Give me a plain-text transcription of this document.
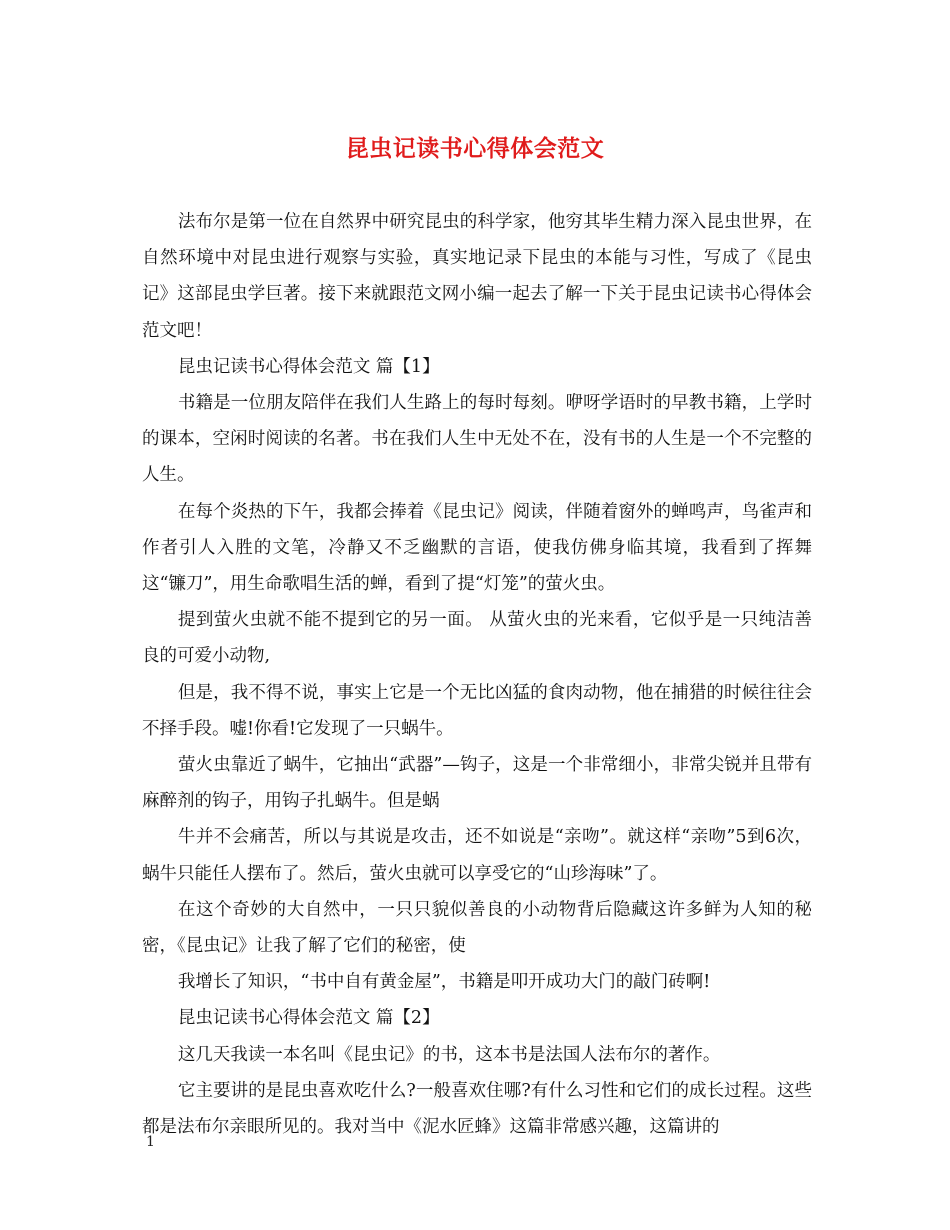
昆虫记读书心得体会范文

法布尔是第一位在自然界中研究昆虫的科学家，他穷其毕生精力深入昆虫世界，在自然环境中对昆虫进行观察与实验，真实地记录下昆虫的本能与习性，写成了《昆虫记》这部昆虫学巨著。接下来就跟范文网小编一起去了解一下关于昆虫记读书心得体会范文吧！

昆虫记读书心得体会范文 篇【1】

书籍是一位朋友陪伴在我们人生路上的每时每刻。咿呀学语时的早教书籍，上学时的课本，空闲时阅读的名著。书在我们人生中无处不在，没有书的人生是一个不完整的人生。

在每个炎热的下午，我都会捧着《昆虫记》阅读，伴随着窗外的蝉鸣声，鸟雀声和作者引人入胜的文笔，冷静又不乏幽默的言语，使我仿佛身临其境，我看到了挥舞这“镰刀”，用生命歌唱生活的蝉，看到了提“灯笼”的萤火虫。

提到萤火虫就不能不提到它的另一面。 从萤火虫的光来看，它似乎是一只纯洁善良的可爱小动物,

但是，我不得不说，事实上它是一个无比凶猛的食肉动物，他在捕猎的时候往往会不择手段。嘘!你看!它发现了一只蜗牛。

萤火虫靠近了蜗牛，它抽出“武器”—钩子，这是一个非常细小，非常尖锐并且带有麻醉剂的钩子，用钩子扎蜗牛。但是蜗

牛并不会痛苦，所以与其说是攻击，还不如说是“亲吻”。就这样“亲吻”5到6次，蜗牛只能任人摆布了。然后，萤火虫就可以享受它的“山珍海味”了。

在这个奇妙的大自然中，一只只貌似善良的小动物背后隐藏这许多鲜为人知的秘密，《昆虫记》让我了解了它们的秘密，使

我增长了知识，“书中自有黄金屋”，书籍是叩开成功大门的敲门砖啊!

昆虫记读书心得体会范文 篇【2】

这几天我读一本名叫《昆虫记》的书，这本书是法国人法布尔的著作。

它主要讲的是昆虫喜欢吃什么?一般喜欢住哪?有什么习性和它们的成长过程。这些都是法布尔亲眼所见的。我对当中《泥水匠蜂》这篇非常感兴趣，这篇讲的

1
